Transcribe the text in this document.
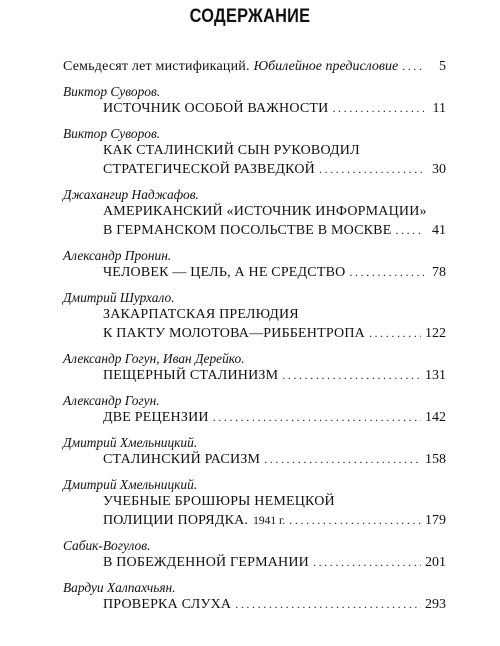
СОДЕРЖАНИЕ
Семьдесят лет мистификаций. Юбилейное предисловие .....	5
Виктор Суворов.
ИСТОЧНИК ОСОБОЙ ВАЖНОСТИ .....	11
Виктор Суворов.
КАК СТАЛИНСКИЙ СЫН РУКОВОДИЛ
СТРАТЕГИЧЕСКОЙ РАЗВЕДКОЙ .....	30
Джахангир Наджафов.
АМЕРИКАНСКИЙ «ИСТОЧНИК ИНФОРМАЦИИ»
В ГЕРМАНСКОМ ПОСОЛЬСТВЕ В МОСКВЕ .....	41
Александр Пронин.
ЧЕЛОВЕК — ЦЕЛЬ, А НЕ СРЕДСТВО .....	78
Дмитрий Шурхало.
ЗАКАРПАТСКАЯ ПРЕЛЮДИЯ
К ПАКТУ МОЛОТОВА—РИББЕНТРОПА .....	122
Александр Гогун, Иван Дерейко.
ПЕЩЕРНЫЙ СТАЛИНИЗМ .....	131
Александр Гогун.
ДВЕ РЕЦЕНЗИИ .....	142
Дмитрий Хмельницкий.
СТАЛИНСКИЙ РАСИЗМ .....	158
Дмитрий Хмельницкий.
УЧЕБНЫЕ БРОШЮРЫ НЕМЕЦКОЙ
ПОЛИЦИИ ПОРЯДКА. 1941 г. .....	179
Сабик-Вогулов.
В ПОБЕЖДЕННОЙ ГЕРМАНИИ .....	201
Вардуи Халпахчьян.
ПРОВЕРКА СЛУХА .....	293
